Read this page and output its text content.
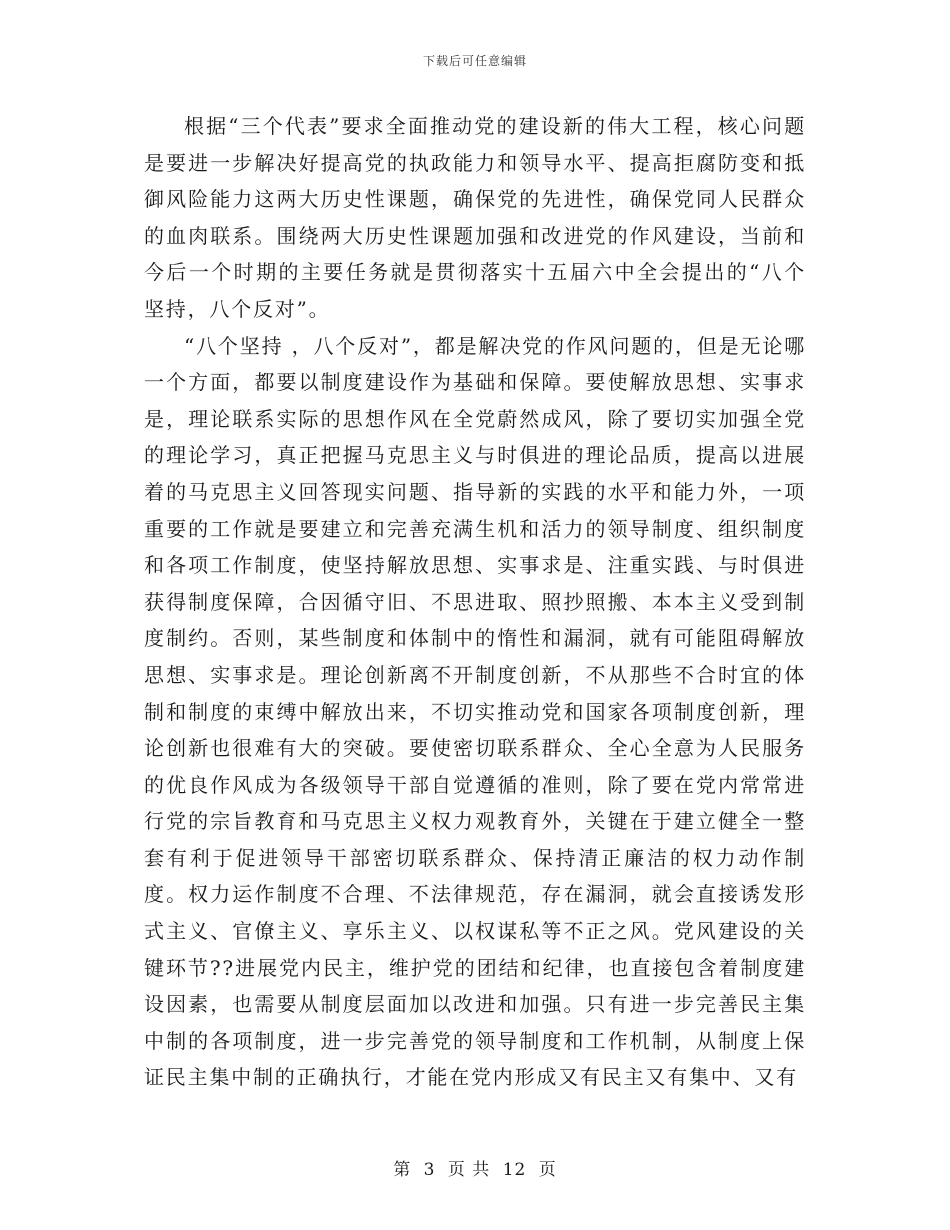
下载后可任意编辑

根据“三个代表”要求全面推动党的建设新的伟大工程，核心问题是要进一步解决好提高党的执政能力和领导水平、提高拒腐防变和抵御风险能力这两大历史性课题，确保党的先进性，确保党同人民群众的血肉联系。围绕两大历史性课题加强和改进党的作风建设，当前和今后一个时期的主要任务就是贯彻落实十五届六中全会提出的“八个坚持，八个反对”。

“八个坚持 ，八个反对”，都是解决党的作风问题的，但是无论哪一个方面，都要以制度建设作为基础和保障。要使解放思想、实事求是，理论联系实际的思想作风在全党蔚然成风，除了要切实加强全党的理论学习，真正把握马克思主义与时俱进的理论品质，提高以进展着的马克思主义回答现实问题、指导新的实践的水平和能力外，一项重要的工作就是要建立和完善充满生机和活力的领导制度、组织制度和各项工作制度，使坚持解放思想、实事求是、注重实践、与时俱进获得制度保障，合因循守旧、不思进取、照抄照搬、本本主义受到制度制约。否则，某些制度和体制中的惰性和漏洞，就有可能阻碍解放思想、实事求是。理论创新离不开制度创新，不从那些不合时宜的体制和制度的束缚中解放出来，不切实推动党和国家各项制度创新，理论创新也很难有大的突破。要使密切联系群众、全心全意为人民服务的优良作风成为各级领导干部自觉遵循的准则，除了要在党内常常进行党的宗旨教育和马克思主义权力观教育外，关键在于建立健全一整套有利于促进领导干部密切联系群众、保持清正廉洁的权力动作制度。权力运作制度不合理、不法律规范，存在漏洞，就会直接诱发形式主义、官僚主义、享乐主义、以权谋私等不正之风。党风建设的关键环节??进展党内民主，维护党的团结和纪律，也直接包含着制度建设因素，也需要从制度层面加以改进和加强。只有进一步完善民主集中制的各项制度，进一步完善党的领导制度和工作机制，从制度上保证民主集中制的正确执行，才能在党内形成又有民主又有集中、又有

第 3 页 共 12 页
